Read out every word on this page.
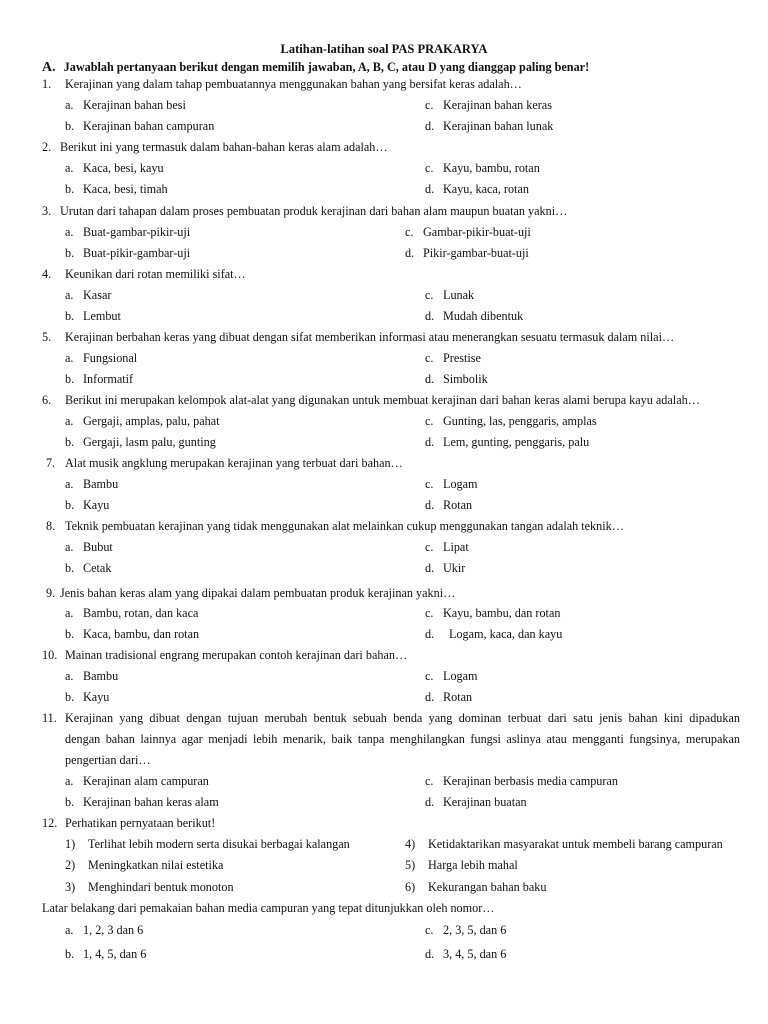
Latihan-latihan soal PAS PRAKARYA
A. Jawablah pertanyaan berikut dengan memilih jawaban, A, B, C, atau D yang dianggap paling benar!
1. Kerajinan yang dalam tahap pembuatannya menggunakan bahan yang bersifat keras adalah…
a. Kerajinan bahan besi	c. Kerajinan bahan keras
b. Kerajinan bahan campuran	d. Kerajinan bahan lunak
2. Berikut ini yang termasuk dalam bahan-bahan keras alam adalah…
a. Kaca, besi, kayu	c. Kayu, bambu, rotan
b. Kaca, besi, timah	d. Kayu, kaca, rotan
3. Urutan dari tahapan dalam proses pembuatan produk kerajinan dari bahan alam maupun buatan yakni…
a. Buat-gambar-pikir-uji	c. Gambar-pikir-buat-uji
b. Buat-pikir-gambar-uji	d. Pikir-gambar-buat-uji
4. Keunikan dari rotan memiliki sifat…
a. Kasar	c. Lunak
b. Lembut	d. Mudah dibentuk
5. Kerajinan berbahan keras yang dibuat dengan sifat memberikan informasi atau menerangkan sesuatu termasuk dalam nilai…
a. Fungsional	c. Prestise
b. Informatif	d. Simbolik
6. Berikut ini merupakan kelompok alat-alat yang digunakan untuk membuat kerajinan dari bahan keras alami berupa kayu adalah…
a. Gergaji, amplas, palu, pahat	c. Gunting, las, penggaris, amplas
b. Gergaji, lasm palu, gunting	d. Lem, gunting, penggaris, palu
7. Alat musik angklung merupakan kerajinan yang terbuat dari bahan…
a. Bambu	c. Logam
b. Kayu	d. Rotan
8. Teknik pembuatan kerajinan yang tidak menggunakan alat melainkan cukup menggunakan tangan adalah teknik…
a. Bubut	c. Lipat
b. Cetak	d. Ukir
9. Jenis bahan keras alam yang dipakai dalam pembuatan produk kerajinan yakni…
a. Bambu, rotan, dan kaca	c. Kayu, bambu, dan rotan
b. Kaca, bambu, dan rotan	d. Logam, kaca, dan kayu
10. Mainan tradisional engrang merupakan contoh kerajinan dari bahan…
a. Bambu	c. Logam
b. Kayu	d. Rotan
11. Kerajinan yang dibuat dengan tujuan merubah bentuk sebuah benda yang dominan terbuat dari satu jenis bahan kini dipadukan
dengan bahan lainnya agar menjadi lebih menarik, baik tanpa menghilangkan fungsi aslinya atau mengganti fungsinya, merupakan
pengertian dari…
a. Kerajinan alam campuran	c. Kerajinan berbasis media campuran
b. Kerajinan bahan keras alam	d. Kerajinan buatan
12. Perhatikan pernyataan berikut!
1) Terlihat lebih modern serta disukai berbagai kalangan	4) Ketidaktarikan masyarakat untuk membeli barang campuran
2) Meningkatkan nilai estetika	5) Harga lebih mahal
3) Menghindari bentuk monoton	6) Kekurangan bahan baku
Latar belakang dari pemakaian bahan media campuran yang tepat ditunjukkan oleh nomor…
a. 1, 2, 3 dan 6	c. 2, 3, 5, dan 6
b. 1, 4, 5, dan 6	d. 3, 4, 5, dan 6
